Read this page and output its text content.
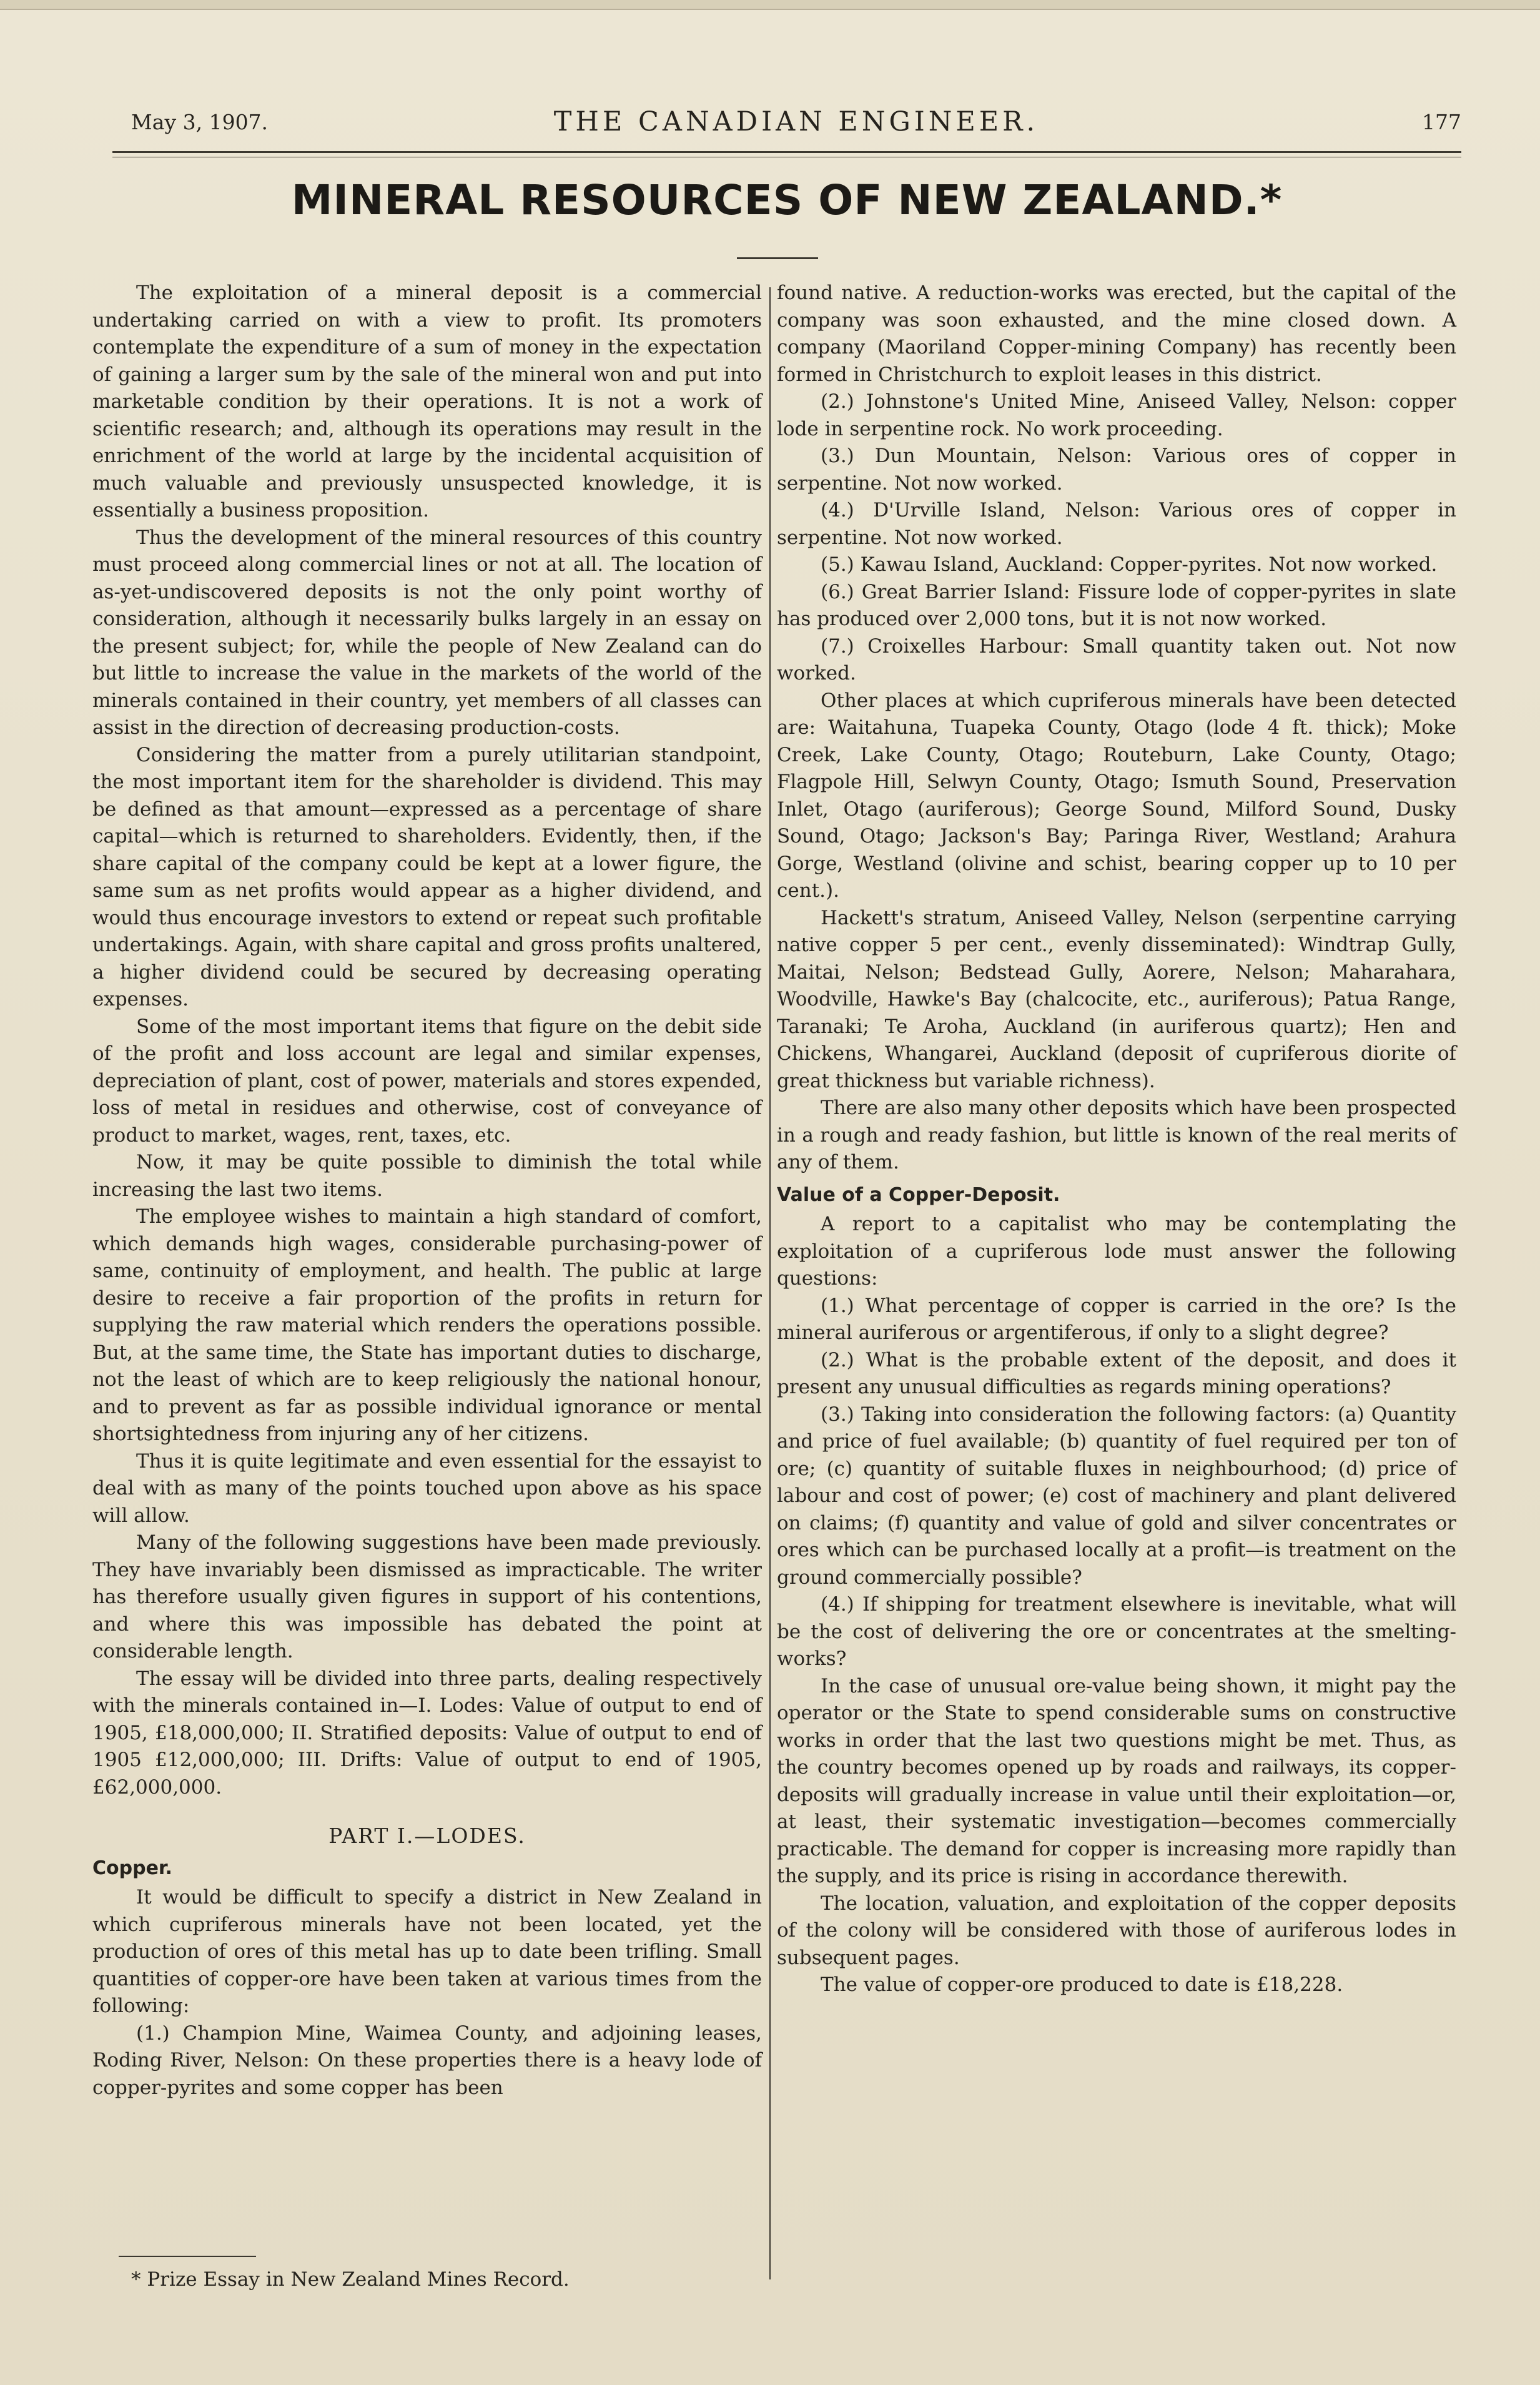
May 3, 1907.	THE CANADIAN ENGINEER.	177
MINERAL RESOURCES OF NEW ZEALAND.*

The exploitation of a mineral deposit is a commercial undertaking carried on with a view to profit. Its promoters contemplate the expenditure of a sum of money in the expectation of gaining a larger sum by the sale of the mineral won and put into marketable condition by their operations. It is not a work of scientific research; and, although its operations may result in the enrichment of the world at large by the incidental acquisition of much valuable and previously unsuspected knowledge, it is essentially a business proposition.

Thus the development of the mineral resources of this country must proceed along commercial lines or not at all. The location of as-yet-undiscovered deposits is not the only point worthy of consideration, although it necessarily bulks largely in an essay on the present subject; for, while the people of New Zealand can do but little to increase the value in the markets of the world of the minerals contained in their country, yet members of all classes can assist in the direction of decreasing production-costs.

Considering the matter from a purely utilitarian standpoint, the most important item for the shareholder is dividend. This may be defined as that amount—expressed as a percentage of share capital—which is returned to shareholders. Evidently, then, if the share capital of the company could be kept at a lower figure, the same sum as net profits would appear as a higher dividend, and would thus encourage investors to extend or repeat such profitable undertakings. Again, with share capital and gross profits unaltered, a higher dividend could be secured by decreasing operating expenses.

Some of the most important items that figure on the debit side of the profit and loss account are legal and similar expenses, depreciation of plant, cost of power, materials and stores expended, loss of metal in residues and otherwise, cost of conveyance of product to market, wages, rent, taxes, etc.

Now, it may be quite possible to diminish the total while increasing the last two items.

The employee wishes to maintain a high standard of comfort, which demands high wages, considerable purchasing-power of same, continuity of employment, and health. The public at large desire to receive a fair proportion of the profits in return for supplying the raw material which renders the operations possible. But, at the same time, the State has important duties to discharge, not the least of which are to keep religiously the national honour, and to prevent as far as possible individual ignorance or mental shortsightedness from injuring any of her citizens.

Thus it is quite legitimate and even essential for the essayist to deal with as many of the points touched upon above as his space will allow.

Many of the following suggestions have been made previously. They have invariably been dismissed as impracticable. The writer has therefore usually given figures in support of his contentions, and where this was impossible has debated the point at considerable length.

The essay will be divided into three parts, dealing respectively with the minerals contained in—I. Lodes: Value of output to end of 1905, £18,000,000; II. Stratified deposits: Value of output to end of 1905 £12,000,000; III. Drifts: Value of output to end of 1905, £62,000,000.

PART I.—LODES.
Copper.

It would be difficult to specify a district in New Zealand in which cupriferous minerals have not been located, yet the production of ores of this metal has up to date been trifling. Small quantities of copper-ore have been taken at various times from the following:

(1.) Champion Mine, Waimea County, and adjoining leases, Roding River, Nelson: On these properties there is a heavy lode of copper-pyrites and some copper has been

found native. A reduction-works was erected, but the capital of the company was soon exhausted, and the mine closed down. A company (Maoriland Copper-mining Company) has recently been formed in Christchurch to exploit leases in this district.

(2.) Johnstone's United Mine, Aniseed Valley, Nelson: copper lode in serpentine rock. No work proceeding.

(3.) Dun Mountain, Nelson: Various ores of copper in serpentine. Not now worked.

(4.) D'Urville Island, Nelson: Various ores of copper in serpentine. Not now worked.

(5.) Kawau Island, Auckland: Copper-pyrites. Not now worked.

(6.) Great Barrier Island: Fissure lode of copper-pyrites in slate has produced over 2,000 tons, but it is not now worked.

(7.) Croixelles Harbour: Small quantity taken out. Not now worked.

Other places at which cupriferous minerals have been detected are: Waitahuna, Tuapeka County, Otago (lode 4 ft. thick); Moke Creek, Lake County, Otago; Routeburn, Lake County, Otago; Flagpole Hill, Selwyn County, Otago; Ismuth Sound, Preservation Inlet, Otago (auriferous); George Sound, Milford Sound, Dusky Sound, Otago; Jackson's Bay; Paringa River, Westland; Arahura Gorge, Westland (olivine and schist, bearing copper up to 10 per cent.).

Hackett's stratum, Aniseed Valley, Nelson (serpentine carrying native copper 5 per cent., evenly disseminated): Windtrap Gully, Maitai, Nelson; Bedstead Gully, Aorere, Nelson; Maharahara, Woodville, Hawke's Bay (chalcocite, etc., auriferous); Patua Range, Taranaki; Te Aroha, Auckland (in auriferous quartz); Hen and Chickens, Whangarei, Auckland (deposit of cupriferous diorite of great thickness but variable richness).

There are also many other deposits which have been prospected in a rough and ready fashion, but little is known of the real merits of any of them.

Value of a Copper-Deposit.

A report to a capitalist who may be contemplating the exploitation of a cupriferous lode must answer the following questions:

(1.) What percentage of copper is carried in the ore? Is the mineral auriferous or argentiferous, if only to a slight degree?

(2.) What is the probable extent of the deposit, and does it present any unusual difficulties as regards mining operations?

(3.) Taking into consideration the following factors: (a) Quantity and price of fuel available; (b) quantity of fuel required per ton of ore; (c) quantity of suitable fluxes in neighbourhood; (d) price of labour and cost of power; (e) cost of machinery and plant delivered on claims; (f) quantity and value of gold and silver concentrates or ores which can be purchased locally at a profit—is treatment on the ground commercially possible?

(4.) If shipping for treatment elsewhere is inevitable, what will be the cost of delivering the ore or concentrates at the smelting-works?

In the case of unusual ore-value being shown, it might pay the operator or the State to spend considerable sums on constructive works in order that the last two questions might be met. Thus, as the country becomes opened up by roads and railways, its copper-deposits will gradually increase in value until their exploitation—or, at least, their systematic investigation—becomes commercially practicable. The demand for copper is increasing more rapidly than the supply, and its price is rising in accordance therewith.

The location, valuation, and exploitation of the copper deposits of the colony will be considered with those of auriferous lodes in subsequent pages.

The value of copper-ore produced to date is £18,228.

* Prize Essay in New Zealand Mines Record.
